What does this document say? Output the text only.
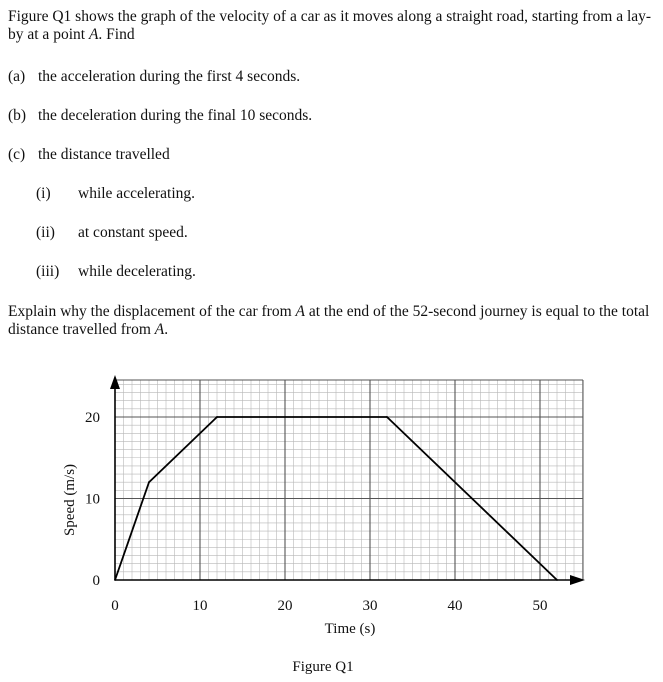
Figure Q1 shows the graph of the velocity of a car as it moves along a straight road, starting from a lay-by at a point A. Find

(a) the acceleration during the first 4 seconds.
(b) the deceleration during the final 10 seconds.
(c) the distance travelled
(i) while accelerating.
(ii) at constant speed.
(iii) while decelerating.

Explain why the displacement of the car from A at the end of the 52-second journey is equal to the total distance travelled from A.

0	10	20	30	40	50
0
10
20
Speed (m/s)
Time (s)
Figure Q1
